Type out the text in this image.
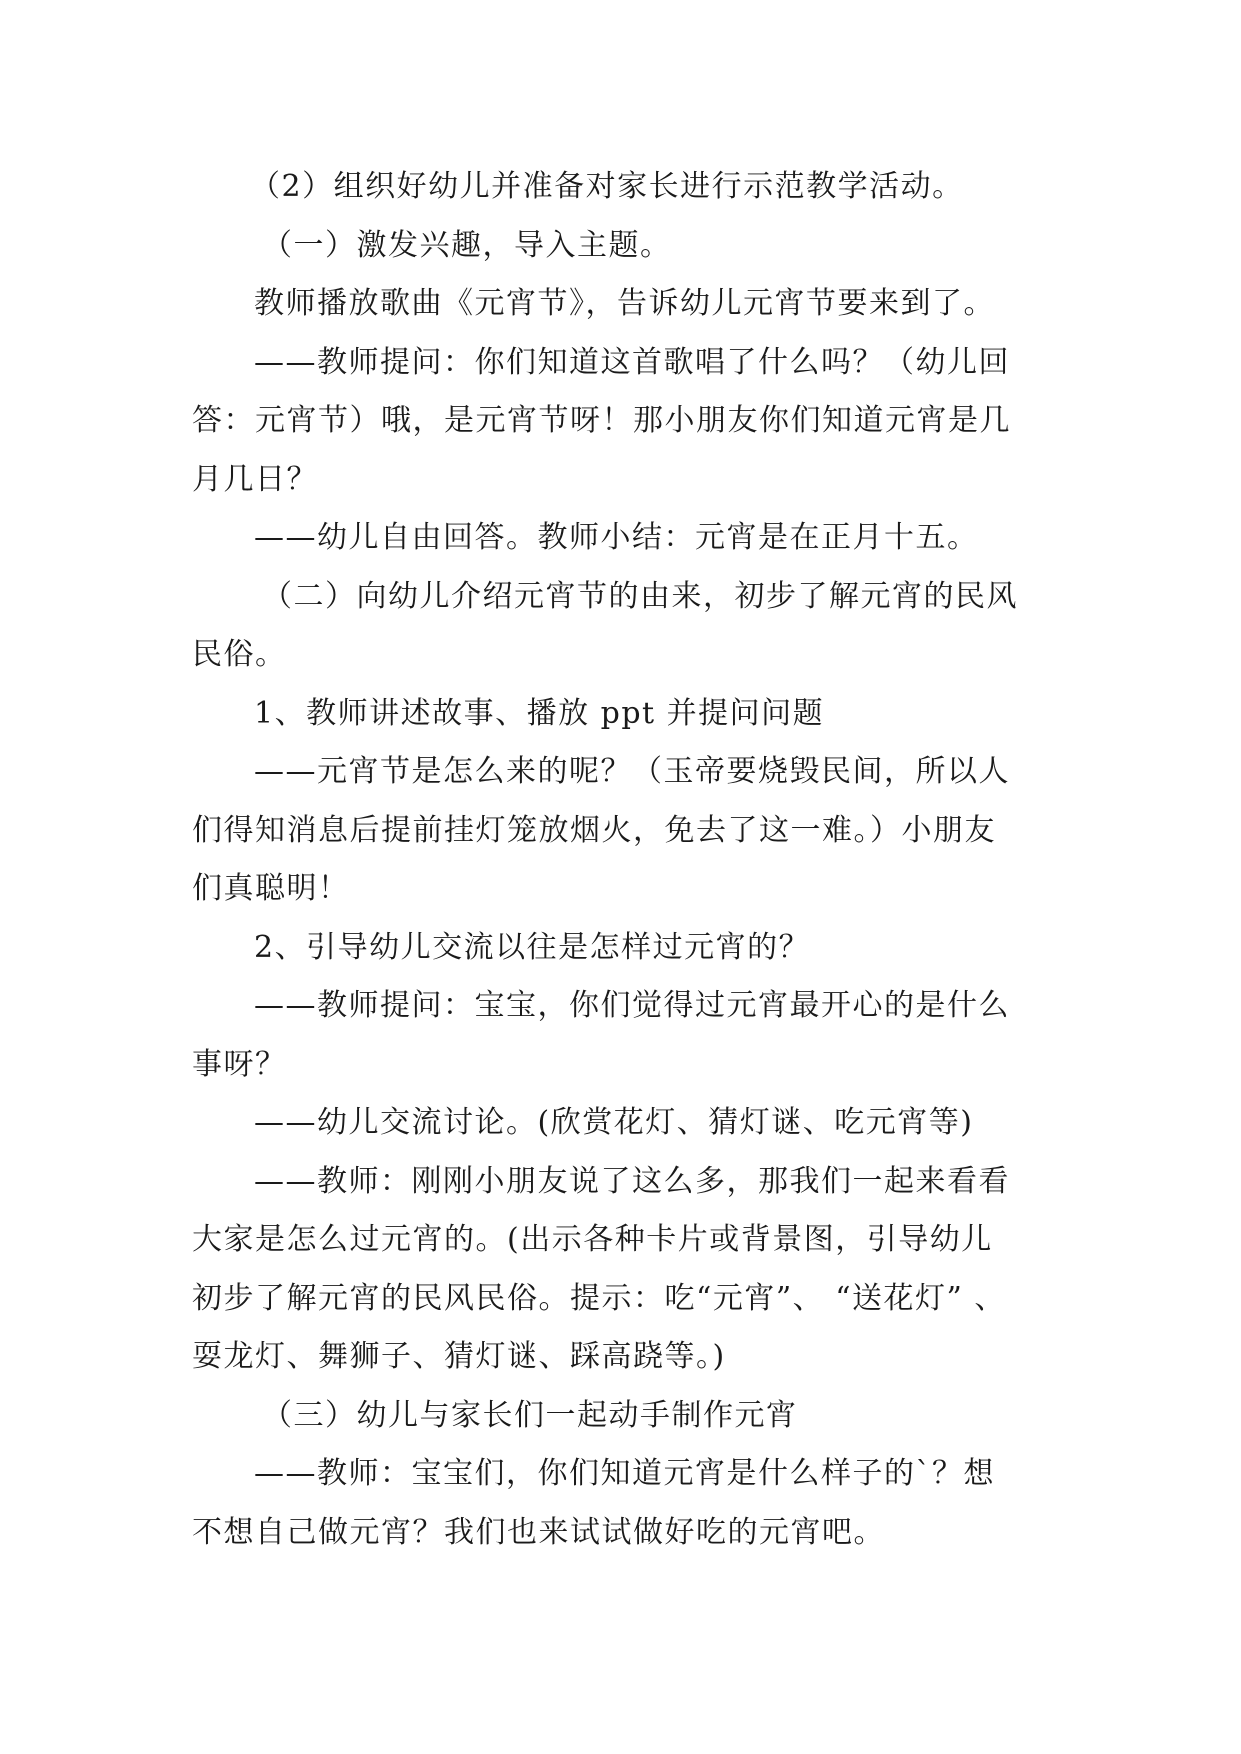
（2）组织好幼儿并准备对家长进行示范教学活动。
（一）激发兴趣，导入主题。
教师播放歌曲《元宵节》，告诉幼儿元宵节要来到了。
——教师提问：你们知道这首歌唱了什么吗？（幼儿回
答：元宵节）哦，是元宵节呀！那小朋友你们知道元宵是几
月几日？
——幼儿自由回答。教师小结：元宵是在正月十五。
（二）向幼儿介绍元宵节的由来，初步了解元宵的民风
民俗。
1、教师讲述故事、播放 ppt 并提问问题
——元宵节是怎么来的呢？（玉帝要烧毁民间，所以人
们得知消息后提前挂灯笼放烟火，免去了这一难。）小朋友
们真聪明！
2、引导幼儿交流以往是怎样过元宵的？
——教师提问：宝宝，你们觉得过元宵最开心的是什么
事呀？
——幼儿交流讨论。(欣赏花灯、猜灯谜、吃元宵等)
——教师：刚刚小朋友说了这么多，那我们一起来看看
大家是怎么过元宵的。(出示各种卡片或背景图，引导幼儿
初步了解元宵的民风民俗。提示：吃“元宵”、 “送花灯” 、
耍龙灯、舞狮子、猜灯谜、踩高跷等。)
（三）幼儿与家长们一起动手制作元宵
——教师：宝宝们，你们知道元宵是什么样子的`？想
不想自己做元宵？我们也来试试做好吃的元宵吧。
